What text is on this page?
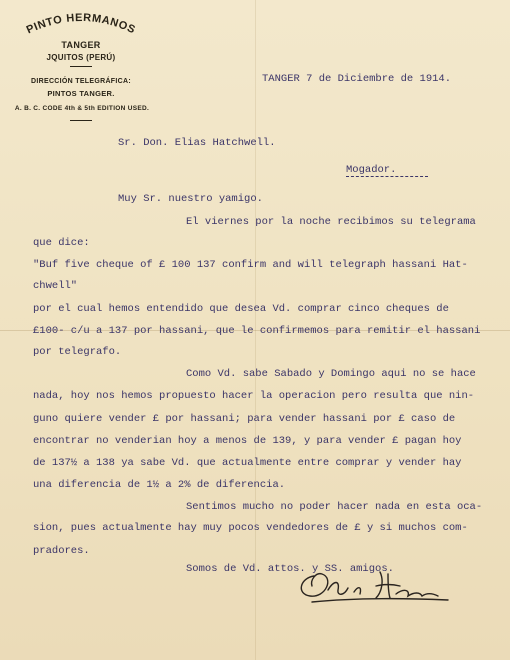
PINTO HERMANOS
TANGER
JQUITOS (PERÚ)
DIRECCIÓN TELEGRÁFICA:
PINTOS TANGER.
A. B. C. CODE 4th & 5th EDITION USED.

TANGER 7 de Diciembre de 1914.

Sr. Don. Elias Hatchwell.

Mogador.

Muy Sr. nuestro yamigo.

El viernes por la noche recibimos su telegrama

que dice:

"Buf five cheque of £ 100 137 confirm and will telegraph hassani Hat-

chwell"

por el cual hemos entendido que desea Vd. comprar cinco cheques de

£100- c/u a 137 por hassani, que le confirmemos para remitir el hassani

por telegrafo.

Como Vd. sabe Sabado y Domingo aqui no se hace

nada, hoy nos hemos propuesto hacer la operacion pero resulta que nin-

guno quiere vender £ por hassani; para vender hassani por £ caso de

encontrar no venderian hoy a menos de 139, y para vender £ pagan hoy

de 137½ a 138 ya sabe Vd. que actualmente entre comprar y vender hay

una diferencia de 1½ a 2% de diferencia.

Sentimos mucho no poder hacer nada en esta oca-

sion, pues actualmente hay muy pocos vendedores de £ y si muchos com-

pradores.

Somos de Vd. attos. y SS. amigos.
